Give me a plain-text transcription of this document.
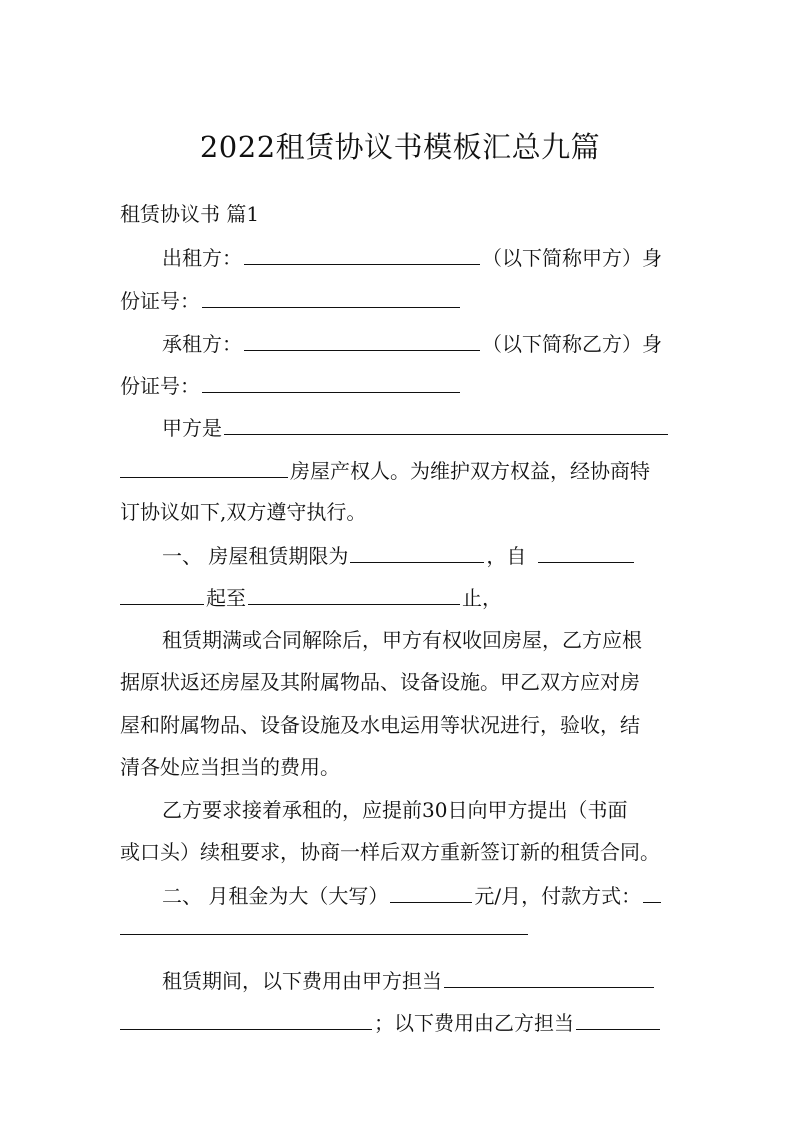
2022租赁协议书模板汇总九篇
租赁协议书 篇1
出租方：	（以下简称甲方）身
份证号：
承租方：	（以下简称乙方）身
份证号：
甲方是
房屋产权人。为维护双方权益，经协商特
订协议如下,双方遵守执行。
一、 房屋租赁期限为	，自
起至	止，
租赁期满或合同解除后，甲方有权收回房屋，乙方应根
据原状返还房屋及其附属物品、设备设施。甲乙双方应对房
屋和附属物品、设备设施及水电运用等状况进行，验收，结
清各处应当担当的费用。
乙方要求接着承租的，应提前30日向甲方提出（书面
或口头）续租要求，协商一样后双方重新签订新的租赁合同。
二、 月租金为大（大写）	元/月，付款方式：
租赁期间，以下费用由甲方担当
；以下费用由乙方担当
